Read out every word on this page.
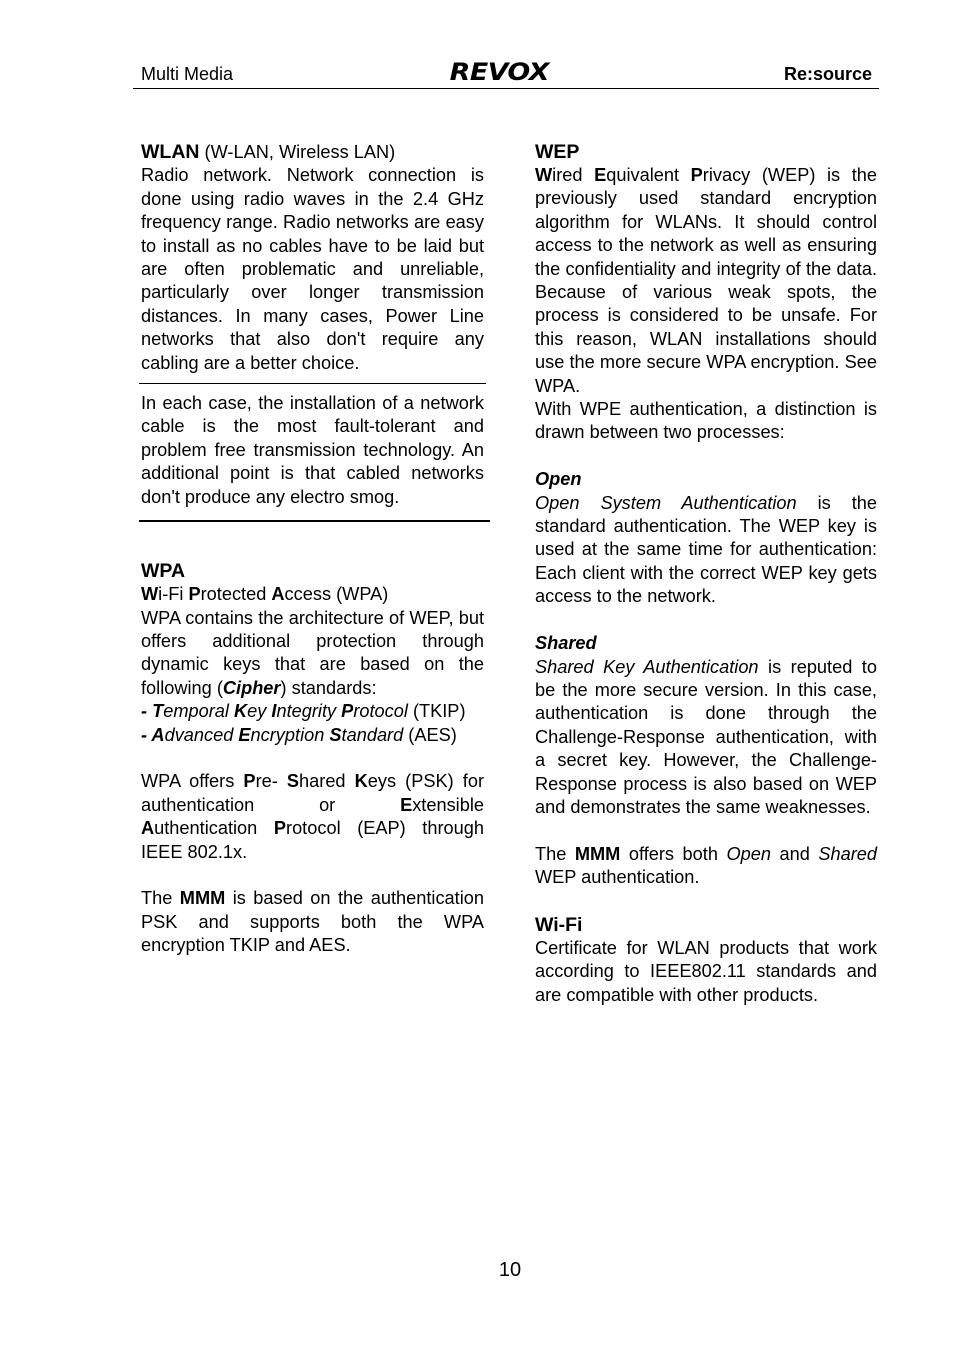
Multi Media	REVOX	Re:source

WLAN (W-LAN, Wireless LAN)

Radio network. Network connection is done using radio waves in the 2.4 GHz frequency range. Radio networks are easy to install as no cables have to be laid but are often problematic and unreliable, particularly over longer transmission distances. In many cases, Power Line networks that also don't require any cabling are a better choice.

In each case, the installation of a network cable is the most fault-tolerant and problem free transmission technology. An additional point is that cabled networks don't produce any electro smog.

WPA

Wi-Fi Protected Access (WPA)

WPA contains the architecture of WEP, but offers additional protection through dynamic keys that are based on the following (Cipher) standards:

- Temporal Key Integrity Protocol (TKIP)

- Advanced Encryption Standard (AES)

WPA offers Pre- Shared Keys (PSK) for authentication or Extensible Authentication Protocol (EAP) through IEEE 802.1x.

The MMM is based on the authentication PSK and supports both the WPA encryption TKIP and AES.

WEP

Wired Equivalent Privacy (WEP) is the previously used standard encryption algorithm for WLANs. It should control access to the network as well as ensuring the confidentiality and integrity of the data. Because of various weak spots, the process is considered to be unsafe. For this reason, WLAN installations should use the more secure WPA encryption. See WPA.

With WPE authentication, a distinction is drawn between two processes:

Open

Open System Authentication is the standard authentication. The WEP key is used at the same time for authentication: Each client with the correct WEP key gets access to the network.

Shared

Shared Key Authentication is reputed to be the more secure version. In this case, authentication is done through the Challenge-Response authentication, with a secret key. However, the Challenge-Response process is also based on WEP and demonstrates the same weaknesses.

The MMM offers both Open and Shared WEP authentication.

Wi-Fi

Certificate for WLAN products that work according to IEEE802.11 standards and are compatible with other products.

10
